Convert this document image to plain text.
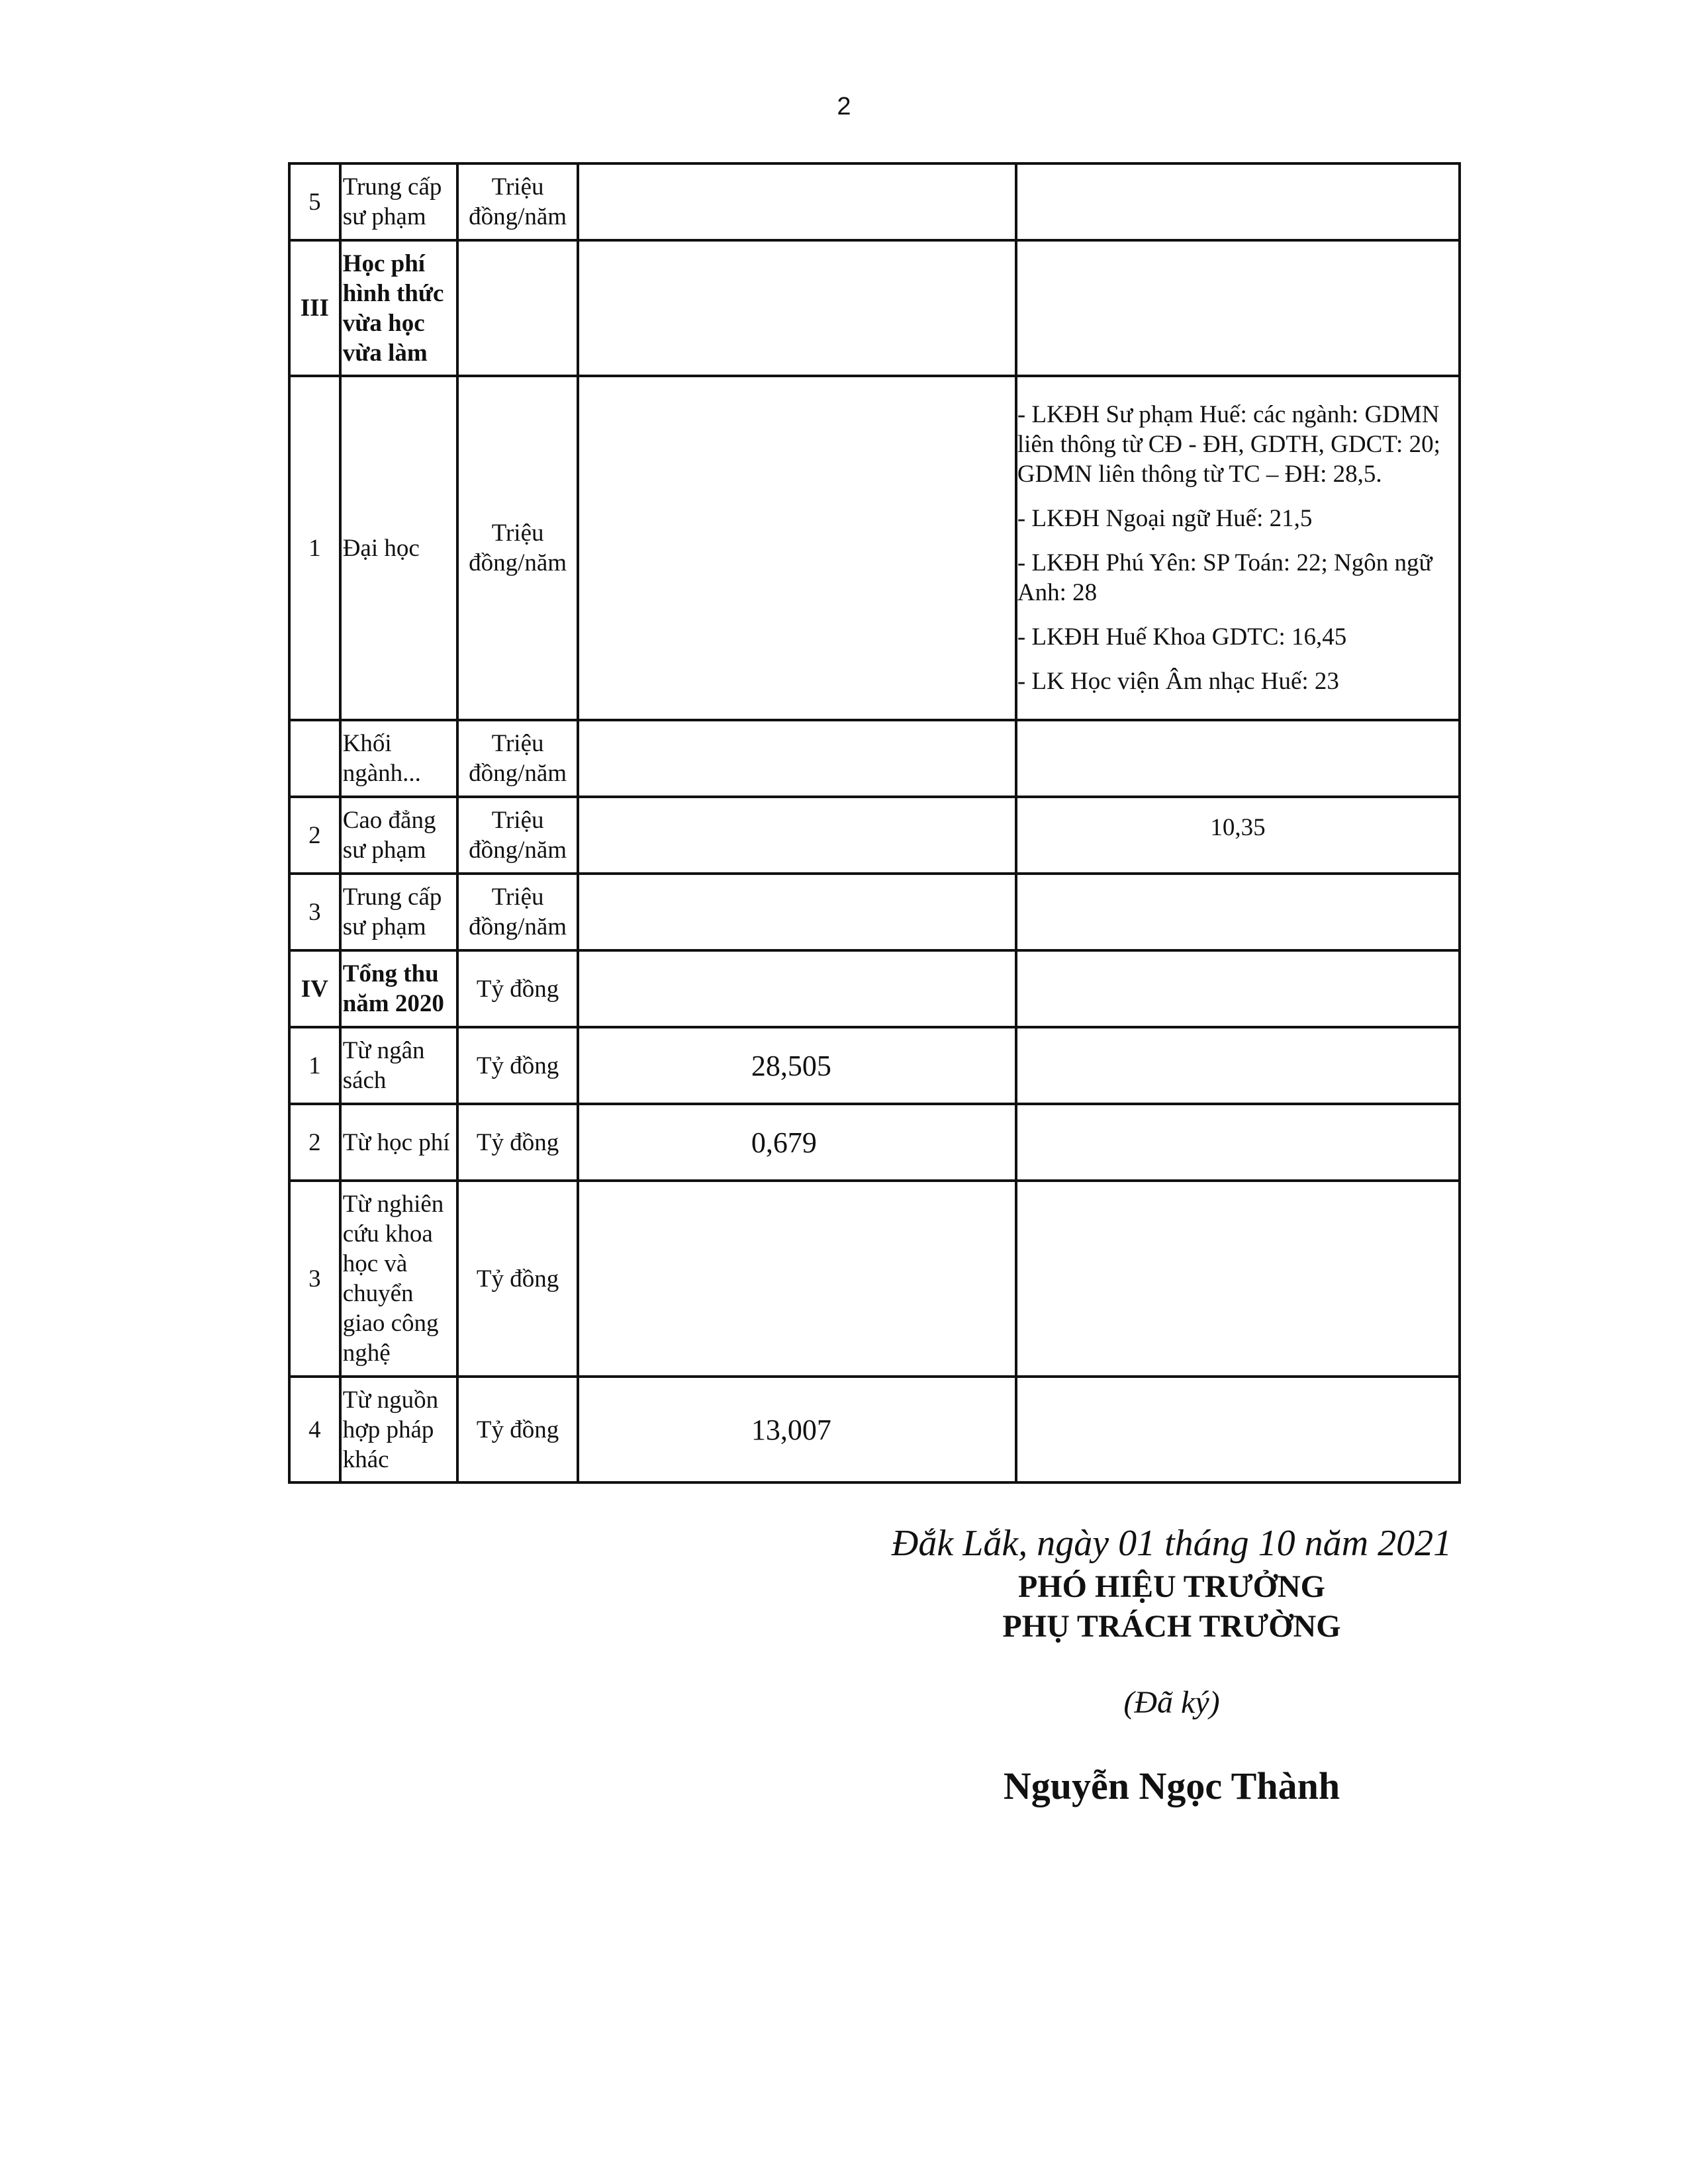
2
5	Trung cấp sư phạm	Triệu đồng/năm	

III	Học phí hình thức vừa học vừa làm		

1	Đại học	Triệu đồng/năm		- LKĐH Sư phạm Huế: các ngành: GDMN liên thông từ CĐ - ĐH, GDTH, GDCT: 20; GDMN liên thông từ TC – ĐH: 28,5.
- LKĐH Ngoại ngữ Huế: 21,5
- LKĐH Phú Yên: SP Toán: 22; Ngôn ngữ Anh: 28
- LKĐH Huế Khoa GDTC: 16,45
- LK Học viện Âm nhạc Huế: 23

	Khối ngành...	Triệu đồng/năm	

2	Cao đẳng sư phạm	Triệu đồng/năm		10,35

3	Trung cấp sư phạm	Triệu đồng/năm	

IV	Tổng thu năm 2020	Tỷ đồng	

1	Từ ngân sách	Tỷ đồng	28,505	

2	Từ học phí	Tỷ đồng	0,679	

3	Từ nghiên cứu khoa học và chuyển giao công nghệ	Tỷ đồng	

4	Từ nguồn hợp pháp khác	Tỷ đồng	13,007	

Đắk Lắk, ngày 01 tháng 10 năm 2021
PHÓ HIỆU TRƯỞNG
PHỤ TRÁCH TRƯỜNG
(Đã ký)
Nguyễn Ngọc Thành
